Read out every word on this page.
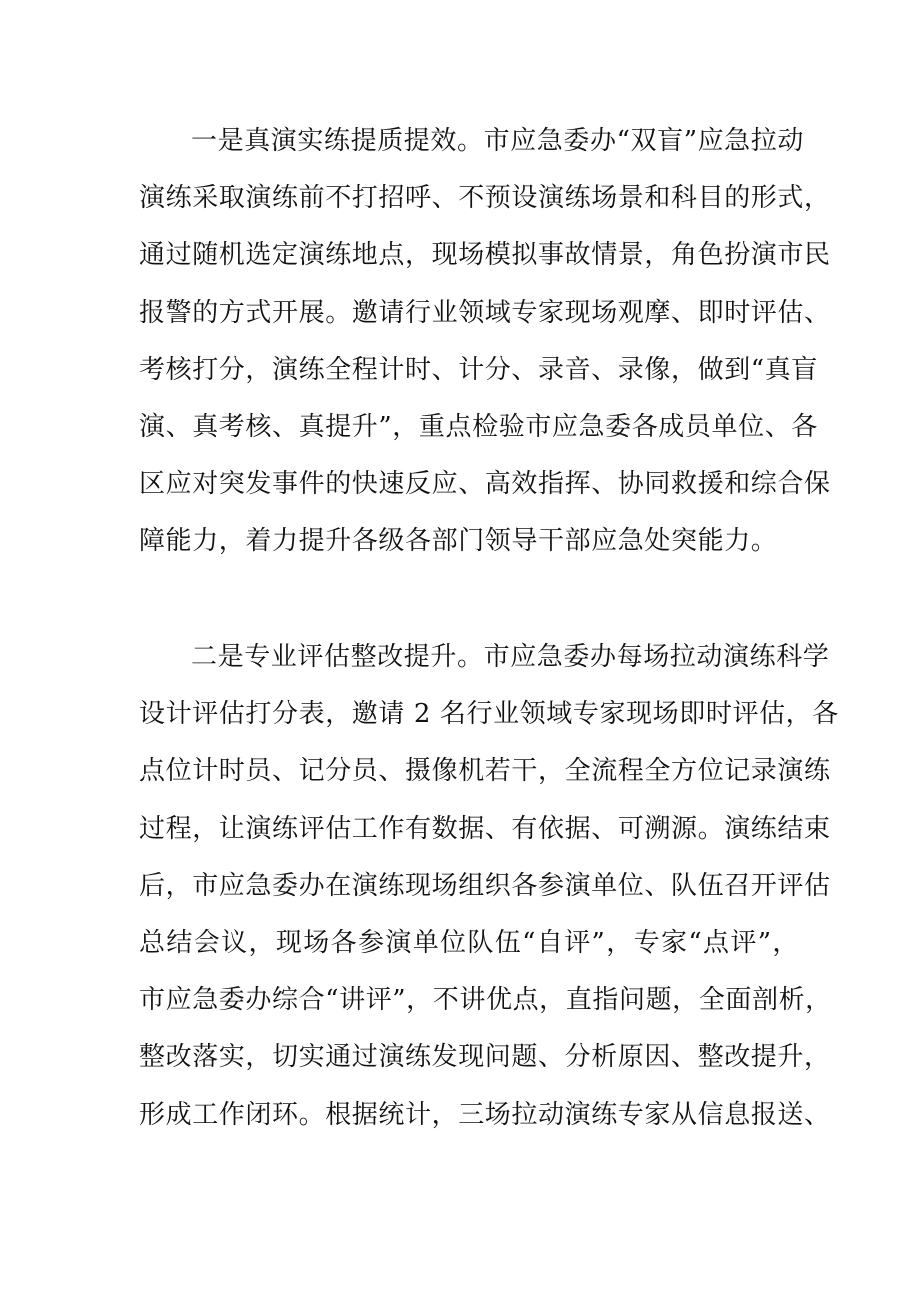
一是真演实练提质提效。市应急委办“双盲”应急拉动
演练采取演练前不打招呼、不预设演练场景和科目的形式，
通过随机选定演练地点，现场模拟事故情景，角色扮演市民
报警的方式开展。邀请行业领域专家现场观摩、即时评估、
考核打分，演练全程计时、计分、录音、录像，做到“真盲
演、真考核、真提升”，重点检验市应急委各成员单位、各
区应对突发事件的快速反应、高效指挥、协同救援和综合保
障能力，着力提升各级各部门领导干部应急处突能力。
二是专业评估整改提升。市应急委办每场拉动演练科学
设计评估打分表，邀请 2 名行业领域专家现场即时评估，各
点位计时员、记分员、摄像机若干，全流程全方位记录演练
过程，让演练评估工作有数据、有依据、可溯源。演练结束
后，市应急委办在演练现场组织各参演单位、队伍召开评估
总结会议，现场各参演单位队伍“自评”，专家“点评”，
市应急委办综合“讲评”，不讲优点，直指问题，全面剖析，
整改落实，切实通过演练发现问题、分析原因、整改提升，
形成工作闭环。根据统计，三场拉动演练专家从信息报送、
